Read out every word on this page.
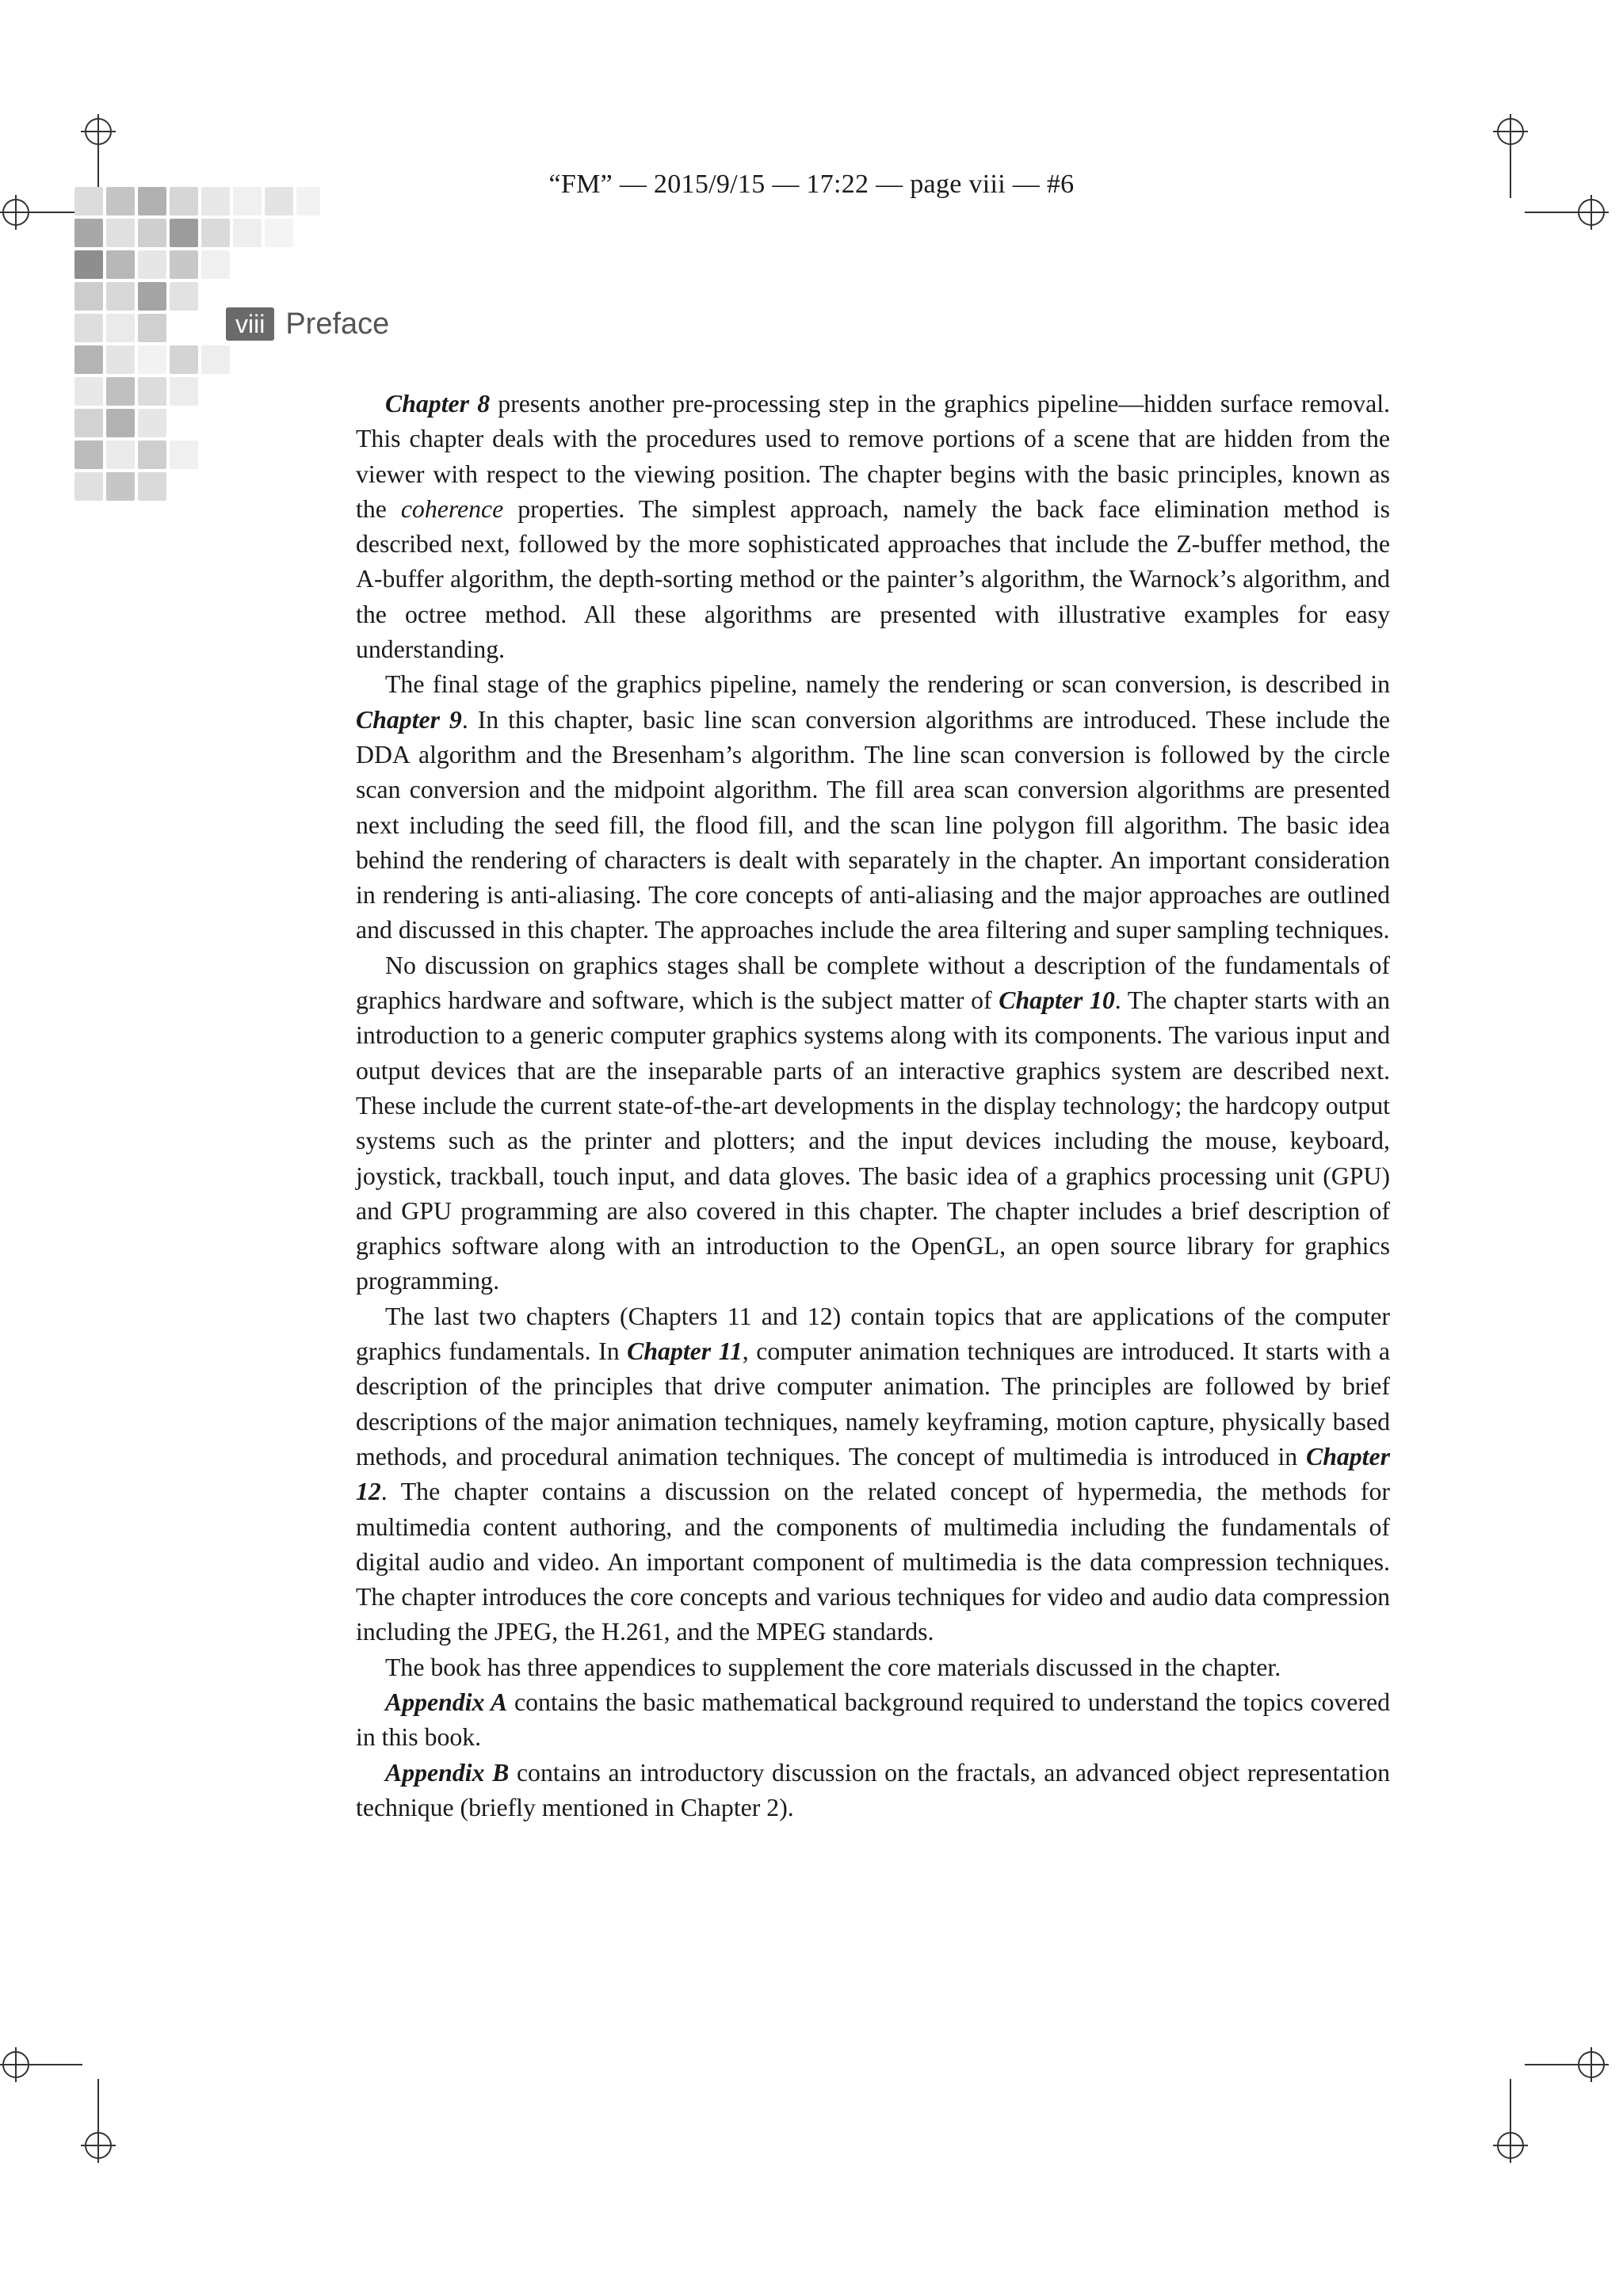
“FM” — 2015/9/15 — 17:22 — page viii — #6
viii Preface

Chapter 8 presents another pre-processing step in the graphics pipeline—hidden surface removal. This chapter deals with the procedures used to remove portions of a scene that are hidden from the viewer with respect to the viewing position. The chapter begins with the basic principles, known as the coherence properties. The simplest approach, namely the back face elimination method is described next, followed by the more sophisticated approaches that include the Z-buffer method, the A-buffer algorithm, the depth-sorting method or the painter’s algorithm, the Warnock’s algorithm, and the octree method. All these algorithms are presented with illustrative examples for easy understanding.

The final stage of the graphics pipeline, namely the rendering or scan conversion, is described in Chapter 9. In this chapter, basic line scan conversion algorithms are introduced. These include the DDA algorithm and the Bresenham’s algorithm. The line scan conversion is followed by the circle scan conversion and the midpoint algorithm. The fill area scan conversion algorithms are presented next including the seed fill, the flood fill, and the scan line polygon fill algorithm. The basic idea behind the rendering of characters is dealt with separately in the chapter. An important consideration in rendering is anti-aliasing. The core concepts of anti-aliasing and the major approaches are outlined and discussed in this chapter. The approaches include the area filtering and super sampling techniques.

No discussion on graphics stages shall be complete without a description of the fundamentals of graphics hardware and software, which is the subject matter of Chapter 10. The chapter starts with an introduction to a generic computer graphics systems along with its components. The various input and output devices that are the inseparable parts of an interactive graphics system are described next. These include the current state-of-the-art developments in the display technology; the hardcopy output systems such as the printer and plotters; and the input devices including the mouse, keyboard, joystick, trackball, touch input, and data gloves. The basic idea of a graphics processing unit (GPU) and GPU programming are also covered in this chapter. The chapter includes a brief description of graphics software along with an introduction to the OpenGL, an open source library for graphics programming.

The last two chapters (Chapters 11 and 12) contain topics that are applications of the computer graphics fundamentals. In Chapter 11, computer animation techniques are introduced. It starts with a description of the principles that drive computer animation. The principles are followed by brief descriptions of the major animation techniques, namely keyframing, motion capture, physically based methods, and procedural animation techniques. The concept of multimedia is introduced in Chapter 12. The chapter contains a discussion on the related concept of hypermedia, the methods for multimedia content authoring, and the components of multimedia including the fundamentals of digital audio and video. An important component of multimedia is the data compression techniques. The chapter introduces the core concepts and various techniques for video and audio data compression including the JPEG, the H.261, and the MPEG standards.

The book has three appendices to supplement the core materials discussed in the chapter.

Appendix A contains the basic mathematical background required to understand the topics covered in this book.

Appendix B contains an introductory discussion on the fractals, an advanced object representation technique (briefly mentioned in Chapter 2).
